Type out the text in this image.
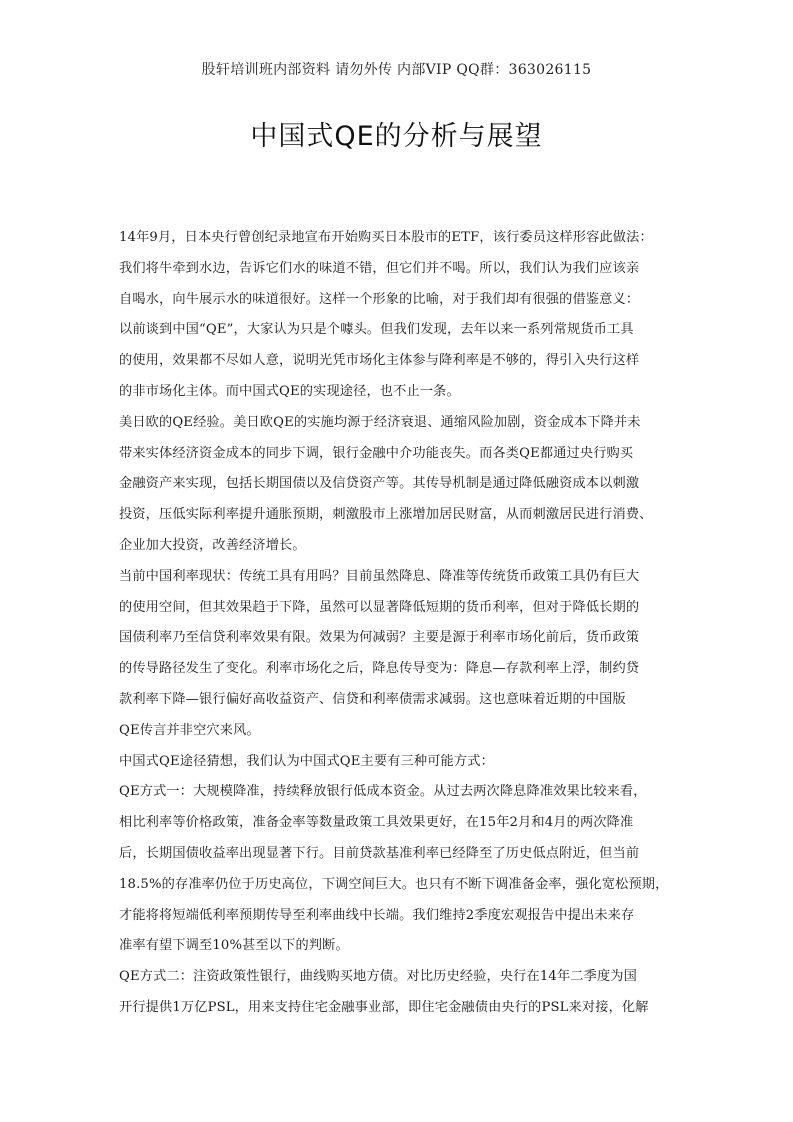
股轩培训班内部资料 请勿外传 内部VIP QQ群：363026115
中国式QE的分析与展望
14年9月，日本央行曾创纪录地宣布开始购买日本股市的ETF，该行委员这样形容此做法：
我们将牛牵到水边，告诉它们水的味道不错，但它们并不喝。所以，我们认为我们应该亲
自喝水，向牛展示水的味道很好。这样一个形象的比喻，对于我们却有很强的借鉴意义：
以前谈到中国“QE”，大家认为只是个噱头。但我们发现，去年以来一系列常规货币工具
的使用，效果都不尽如人意，说明光凭市场化主体参与降利率是不够的，得引入央行这样
的非市场化主体。而中国式QE的实现途径，也不止一条。
美日欧的QE经验。美日欧QE的实施均源于经济衰退、通缩风险加剧，资金成本下降并未
带来实体经济资金成本的同步下调，银行金融中介功能丧失。而各类QE都通过央行购买
金融资产来实现，包括长期国债以及信贷资产等。其传导机制是通过降低融资成本以刺激
投资，压低实际利率提升通胀预期，刺激股市上涨增加居民财富，从而刺激居民进行消费、
企业加大投资，改善经济增长。
当前中国利率现状：传统工具有用吗？目前虽然降息、降准等传统货币政策工具仍有巨大
的使用空间，但其效果趋于下降，虽然可以显著降低短期的货币利率，但对于降低长期的
国债利率乃至信贷利率效果有限。效果为何减弱？主要是源于利率市场化前后，货币政策
的传导路径发生了变化。利率市场化之后，降息传导变为：降息—存款利率上浮，制约贷
款利率下降—银行偏好高收益资产、信贷和利率债需求减弱。这也意味着近期的中国版
QE传言并非空穴来风。
中国式QE途径猜想，我们认为中国式QE主要有三种可能方式：
QE方式一：大规模降准，持续释放银行低成本资金。从过去两次降息降准效果比较来看，
相比利率等价格政策，准备金率等数量政策工具效果更好，在15年2月和4月的两次降准
后，长期国债收益率出现显著下行。目前贷款基准利率已经降至了历史低点附近，但当前
18.5%的存准率仍位于历史高位，下调空间巨大。也只有不断下调准备金率，强化宽松预期，
才能将将短端低利率预期传导至利率曲线中长端。我们维持2季度宏观报告中提出未来存
准率有望下调至10%甚至以下的判断。
QE方式二：注资政策性银行，曲线购买地方债。对比历史经验，央行在14年二季度为国
开行提供1万亿PSL，用来支持住宅金融事业部，即住宅金融债由央行的PSL来对接，化解
